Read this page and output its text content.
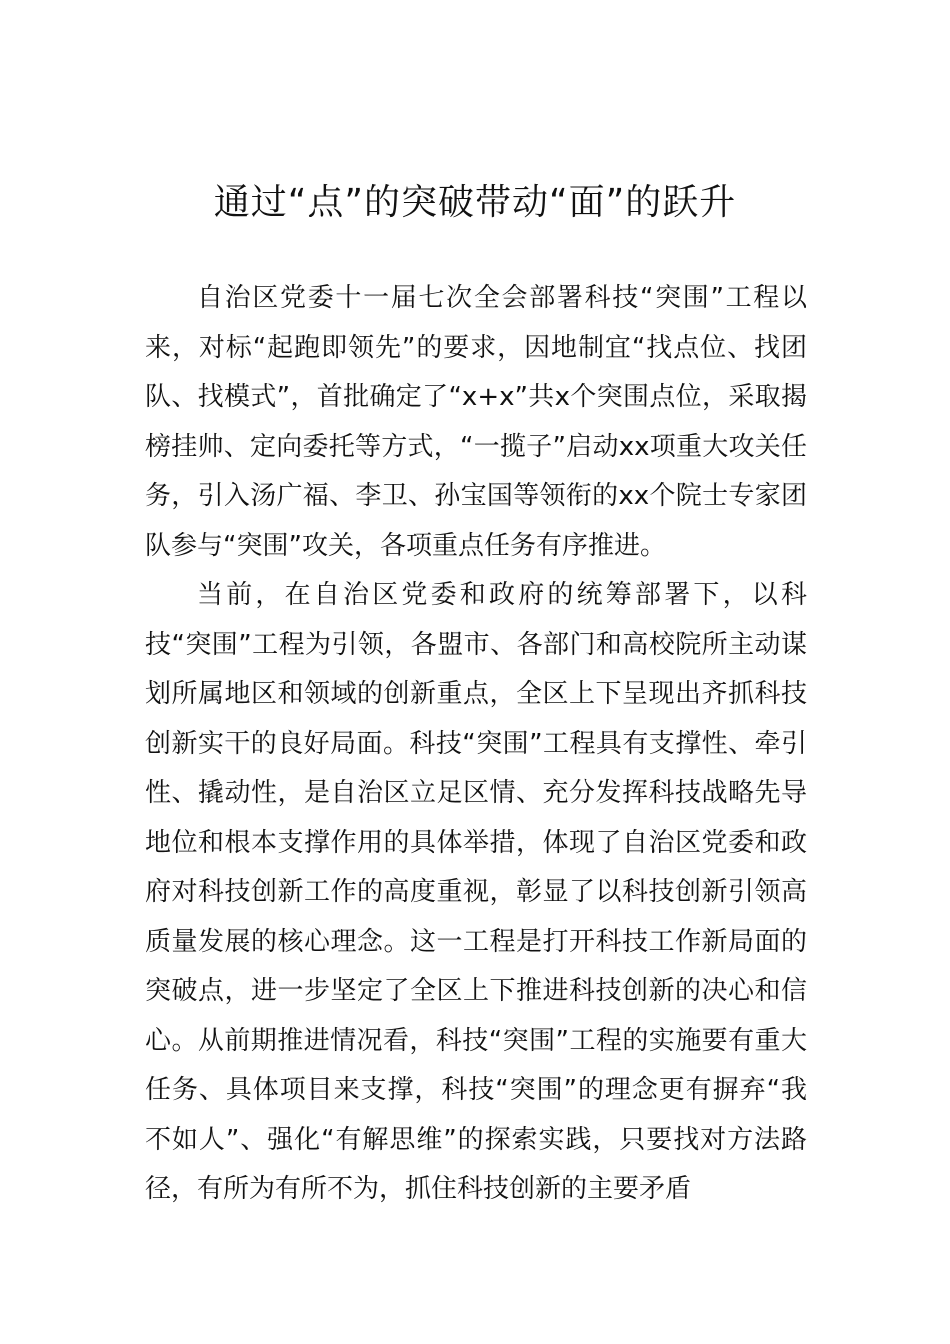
通过“点”的突破带动“面”的跃升

自治区党委十一届七次全会部署科技“突围”工程以来，对标“起跑即领先”的要求，因地制宜“找点位、找团队、找模式”，首批确定了“x+x”共x个突围点位，采取揭榜挂帅、定向委托等方式，“一揽子”启动xx项重大攻关任务，引入汤广福、李卫、孙宝国等领衔的xx个院士专家团队参与“突围”攻关，各项重点任务有序推进。

当前，在自治区党委和政府的统筹部署下，以科技“突围”工程为引领，各盟市、各部门和高校院所主动谋划所属地区和领域的创新重点，全区上下呈现出齐抓科技创新实干的良好局面。科技“突围”工程具有支撑性、牵引性、撬动性，是自治区立足区情、充分发挥科技战略先导地位和根本支撑作用的具体举措，体现了自治区党委和政府对科技创新工作的高度重视，彰显了以科技创新引领高质量发展的核心理念。这一工程是打开科技工作新局面的突破点，进一步坚定了全区上下推进科技创新的决心和信心。从前期推进情况看，科技“突围”工程的实施要有重大任务、具体项目来支撑，科技“突围”的理念更有摒弃“我不如人”、强化“有解思维”的探索实践，只要找对方法路径，有所为有所不为，抓住科技创新的主要矛盾
